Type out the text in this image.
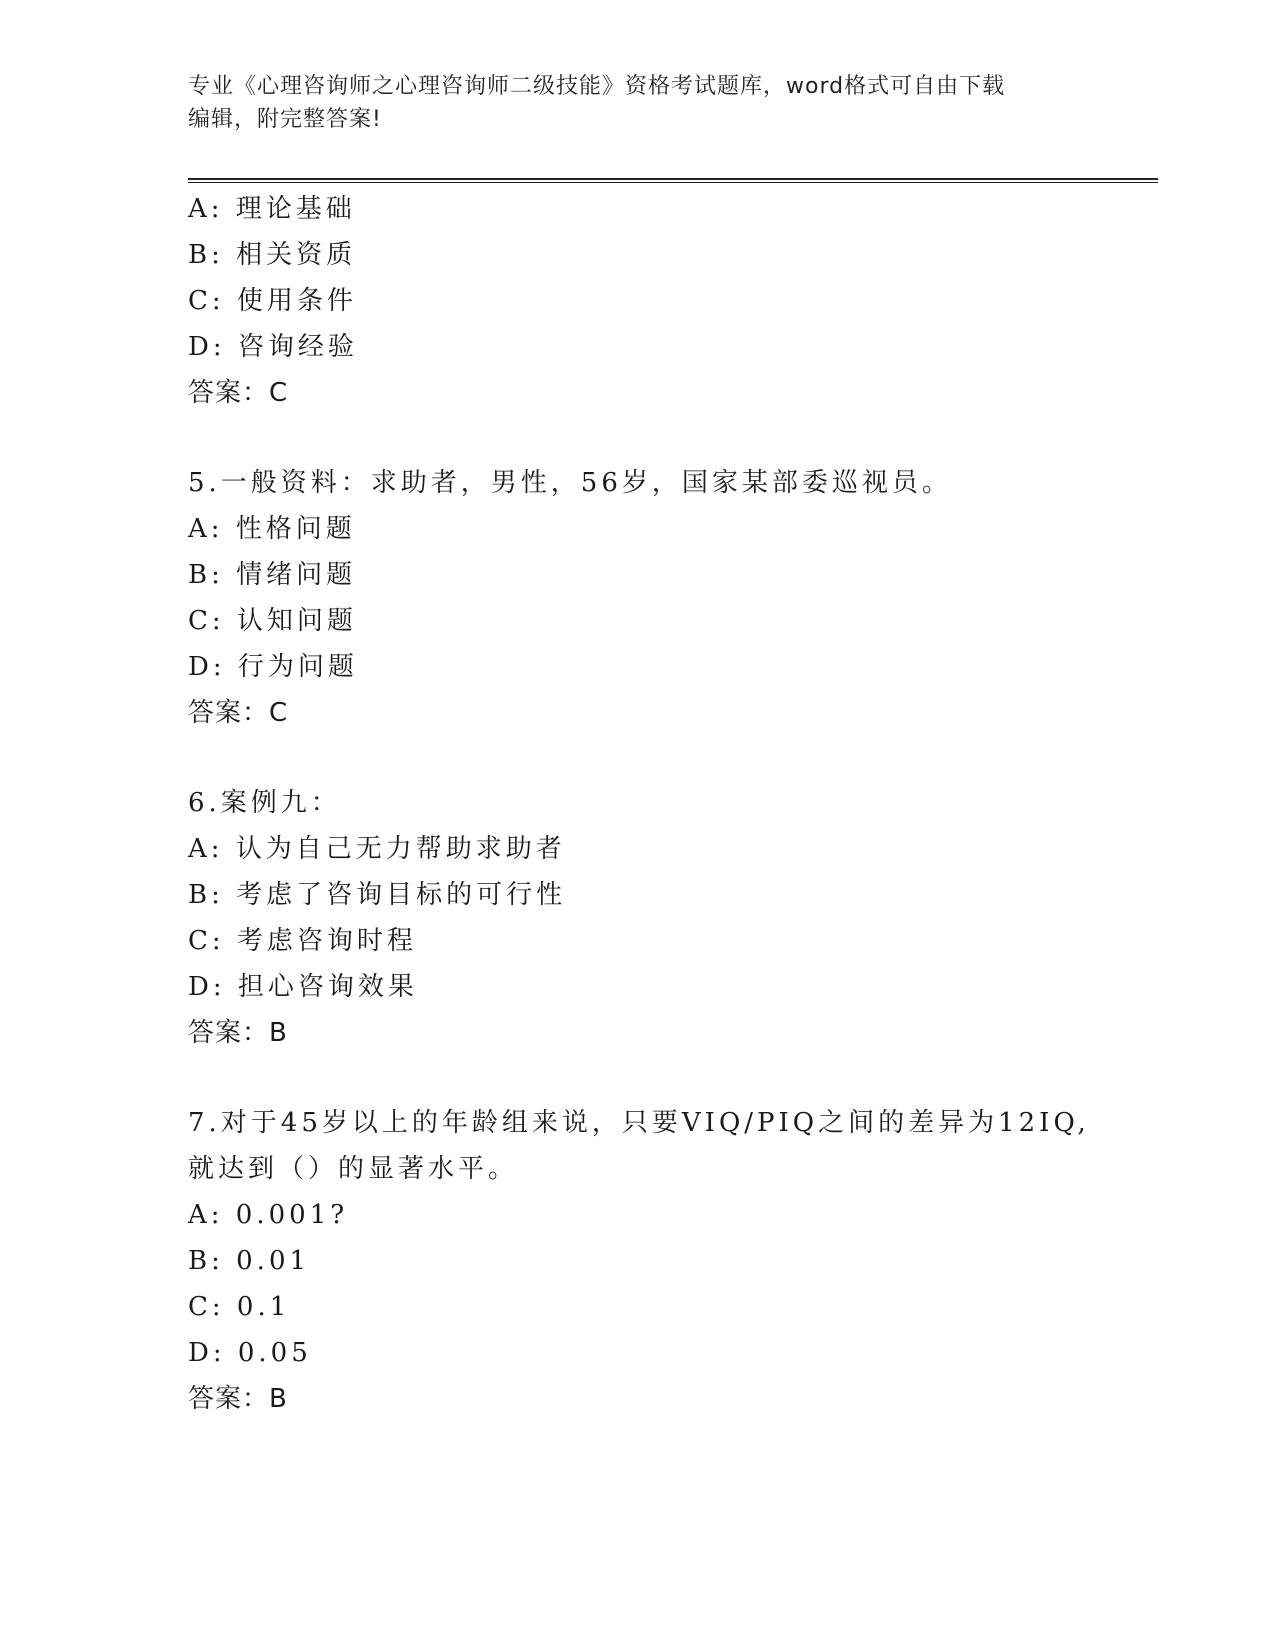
专业《心理咨询师之心理咨询师二级技能》资格考试题库，word格式可自由下载
编辑，附完整答案!
A: 理论基础
B: 相关资质
C: 使用条件
D: 咨询经验
答案：C
5.一般资料：求助者，男性，56岁，国家某部委巡视员。
A: 性格问题
B: 情绪问题
C: 认知问题
D: 行为问题
答案：C
6.案例九：
A: 认为自己无力帮助求助者
B: 考虑了咨询目标的可行性
C: 考虑咨询时程
D: 担心咨询效果
答案：B
7.对于45岁以上的年龄组来说，只要VIQ/PIQ之间的差异为12IQ,
就达到（）的显著水平。
A: 0.001?
B: 0.01
C: 0.1
D: 0.05
答案：B
